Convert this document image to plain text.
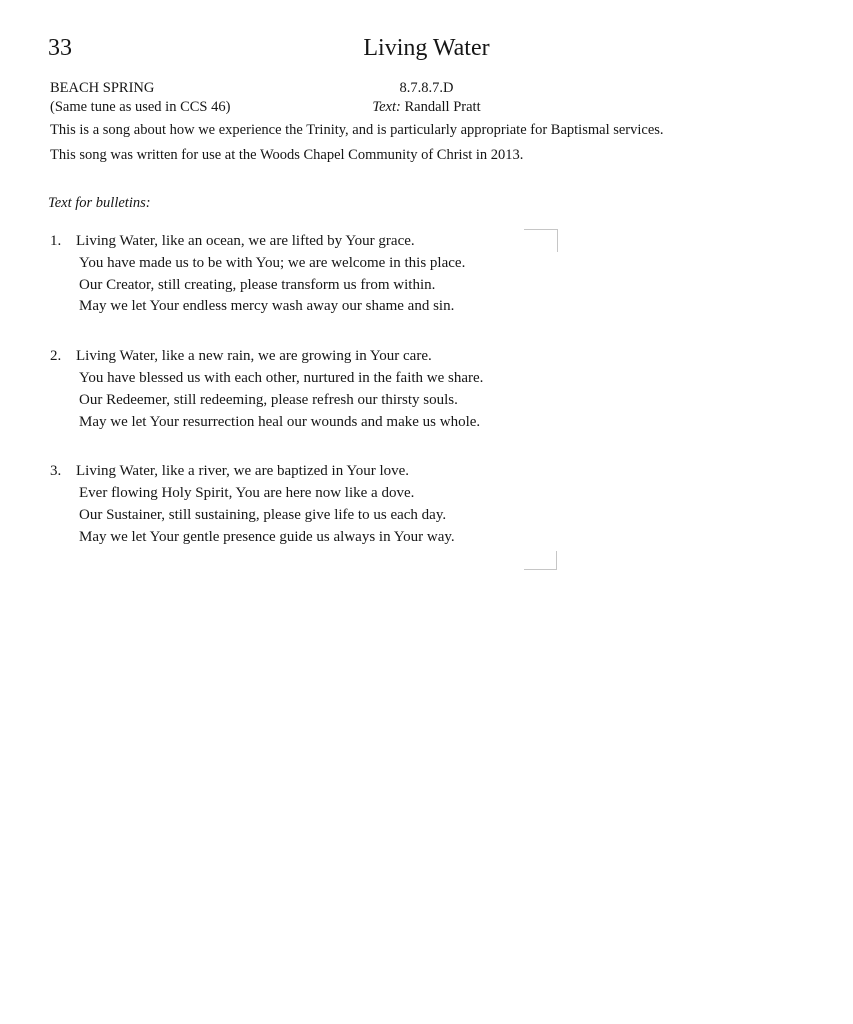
33	Living Water
BEACH SPRING
(Same tune as used in CCS 46)
8.7.8.7.D
Text: Randall Pratt

This is a song about how we experience the Trinity, and is particularly appropriate for Baptismal services.

This song was written for use at the Woods Chapel Community of Christ in 2013.

Text for bulletins:
1. Living Water, like an ocean, we are lifted by Your grace.
You have made us to be with You; we are welcome in this place.
Our Creator, still creating, please transform us from within.
May we let Your endless mercy wash away our shame and sin.
2. Living Water, like a new rain, we are growing in Your care.
You have blessed us with each other, nurtured in the faith we share.
Our Redeemer, still redeeming, please refresh our thirsty souls.
May we let Your resurrection heal our wounds and make us whole.
3. Living Water, like a river, we are baptized in Your love.
Ever flowing Holy Spirit, You are here now like a dove.
Our Sustainer, still sustaining, please give life to us each day.
May we let Your gentle presence guide us always in Your way.
